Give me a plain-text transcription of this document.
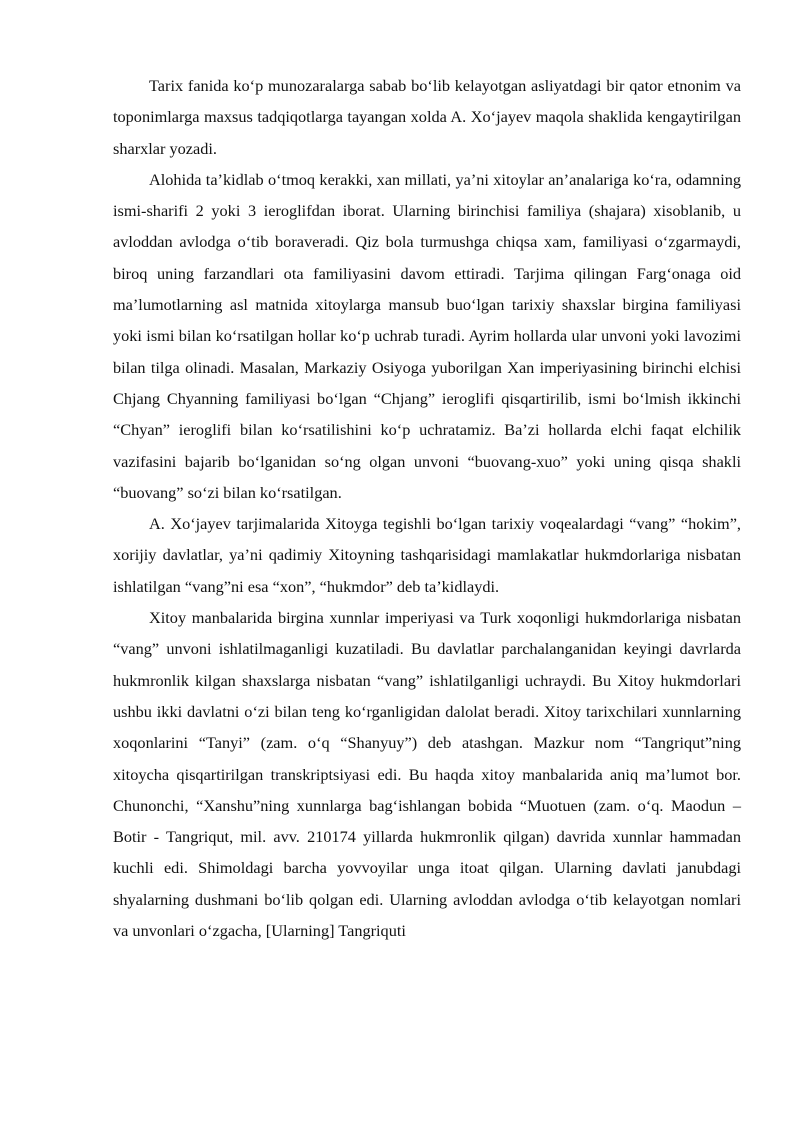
Tarix fanida ko‘p munozaralarga sabab bo‘lib kelayotgan asliyatdagi bir qator etnonim va toponimlarga maxsus tadqiqotlarga tayangan xolda A. Xo‘jayev maqola shaklida kengaytirilgan sharxlar yozadi.

Alohida ta’kidlab o‘tmoq kerakki, xan millati, ya’ni xitoylar an’analariga ko‘ra, odamning ismi-sharifi 2 yoki 3 ieroglifdan iborat. Ularning birinchisi familiya (shajara) xisoblanib, u avloddan avlodga o‘tib boraveradi. Qiz bola turmushga chiqsa xam, familiyasi o‘zgarmaydi, biroq uning farzandlari ota familiyasini davom ettiradi. Tarjima qilingan Farg‘onaga oid ma’lumotlarning asl matnida xitoylarga mansub buo‘lgan tarixiy shaxslar birgina familiyasi yoki ismi bilan ko‘rsatilgan hollar ko‘p uchrab turadi. Ayrim hollarda ular unvoni yoki lavozimi bilan tilga olinadi. Masalan, Markaziy Osiyoga yuborilgan Xan imperiyasining birinchi elchisi Chjang Chyanning familiyasi bo‘lgan “Chjang” ieroglifi qisqartirilib, ismi bo‘lmish ikkinchi “Chyan” ieroglifi bilan ko‘rsatilishini ko‘p uchratamiz. Ba’zi hollarda elchi faqat elchilik vazifasini bajarib bo‘lganidan so‘ng olgan unvoni “buovang-xuo” yoki uning qisqa shakli “buovang” so‘zi bilan ko‘rsatilgan.

A. Xo‘jayev tarjimalarida Xitoyga tegishli bo‘lgan tarixiy voqealardagi “vang” “hokim”, xorijiy davlatlar, ya’ni qadimiy Xitoyning tashqarisidagi mamlakatlar hukmdorlariga nisbatan ishlatilgan “vang”ni esa “xon”, “hukmdor” deb ta’kidlaydi.

Xitoy manbalarida birgina xunnlar imperiyasi va Turk xoqonligi hukmdorlariga nisbatan “vang” unvoni ishlatilmaganligi kuzatiladi. Bu davlatlar parchalanganidan keyingi davrlarda hukmronlik kilgan shaxslarga nisbatan “vang” ishlatilganligi uchraydi. Bu Xitoy hukmdorlari ushbu ikki davlatni o‘zi bilan teng ko‘rganligidan dalolat beradi. Xitoy tarixchilari xunnlarning xoqonlarini “Tanyi” (zam. o‘q “Shanyuy”) deb atashgan. Mazkur nom “Tangriqut”ning xitoycha qisqartirilgan transkriptsiyasi edi. Bu haqda xitoy manbalarida aniq ma’lumot bor. Chunonchi, “Xanshu”ning xunnlarga bag‘ishlangan bobida “Muotuen (zam. o‘q. Maodun – Botir - Tangriqut, mil. avv. 210174 yillarda hukmronlik qilgan) davrida xunnlar hammadan kuchli edi. Shimoldagi barcha yovvoyilar unga itoat qilgan. Ularning davlati janubdagi shyalarning dushmani bo‘lib qolgan edi. Ularning avloddan avlodga o‘tib kelayotgan nomlari va unvonlari o‘zgacha, [Ularning] Tangriquti
